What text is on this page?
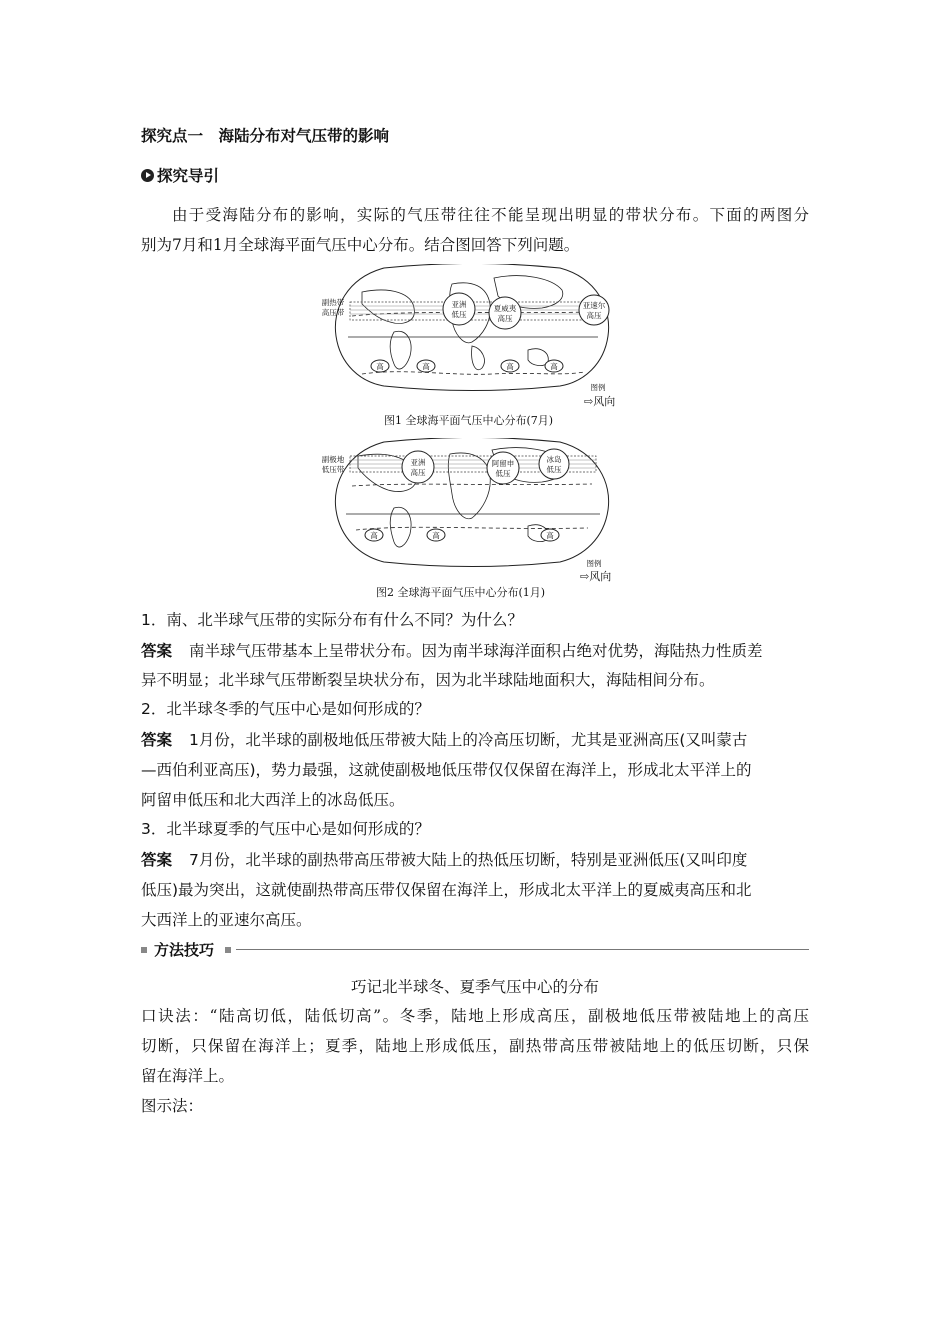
探究点一　海陆分布对气压带的影响
探究导引
由于受海陆分布的影响，实际的气压带往往不能呈现出明显的带状分布。下面的两图分
别为7月和1月全球海平面气压中心分布。结合图回答下列问题。
副热带
高压带
亚洲
低压
夏威夷
高压
亚速尔
高压
高	高	高	高
图例
⇨风向
图1 全球海平面气压中心分布(7月)
副极地
低压带
亚洲
高压
阿留申
低压
冰岛
低压
高	高	高
图例
⇨风向
图2 全球海平面气压中心分布(1月)
1．南、北半球气压带的实际分布有什么不同？为什么？
答案 南半球气压带基本上呈带状分布。因为南半球海洋面积占绝对优势，海陆热力性质差
异不明显；北半球气压带断裂呈块状分布，因为北半球陆地面积大，海陆相间分布。
2．北半球冬季的气压中心是如何形成的？
答案 1月份，北半球的副极地低压带被大陆上的冷高压切断，尤其是亚洲高压(又叫蒙古
—西伯利亚高压)，势力最强，这就使副极地低压带仅仅保留在海洋上，形成北太平洋上的
阿留申低压和北大西洋上的冰岛低压。
3．北半球夏季的气压中心是如何形成的？
答案 7月份，北半球的副热带高压带被大陆上的热低压切断，特别是亚洲低压(又叫印度
低压)最为突出，这就使副热带高压带仅保留在海洋上，形成北太平洋上的夏威夷高压和北
大西洋上的亚速尔高压。
方法技巧
巧记北半球冬、夏季气压中心的分布
口诀法：“陆高切低，陆低切高”。冬季，陆地上形成高压，副极地低压带被陆地上的高压
切断，只保留在海洋上；夏季，陆地上形成低压，副热带高压带被陆地上的低压切断，只保
留在海洋上。
图示法：
